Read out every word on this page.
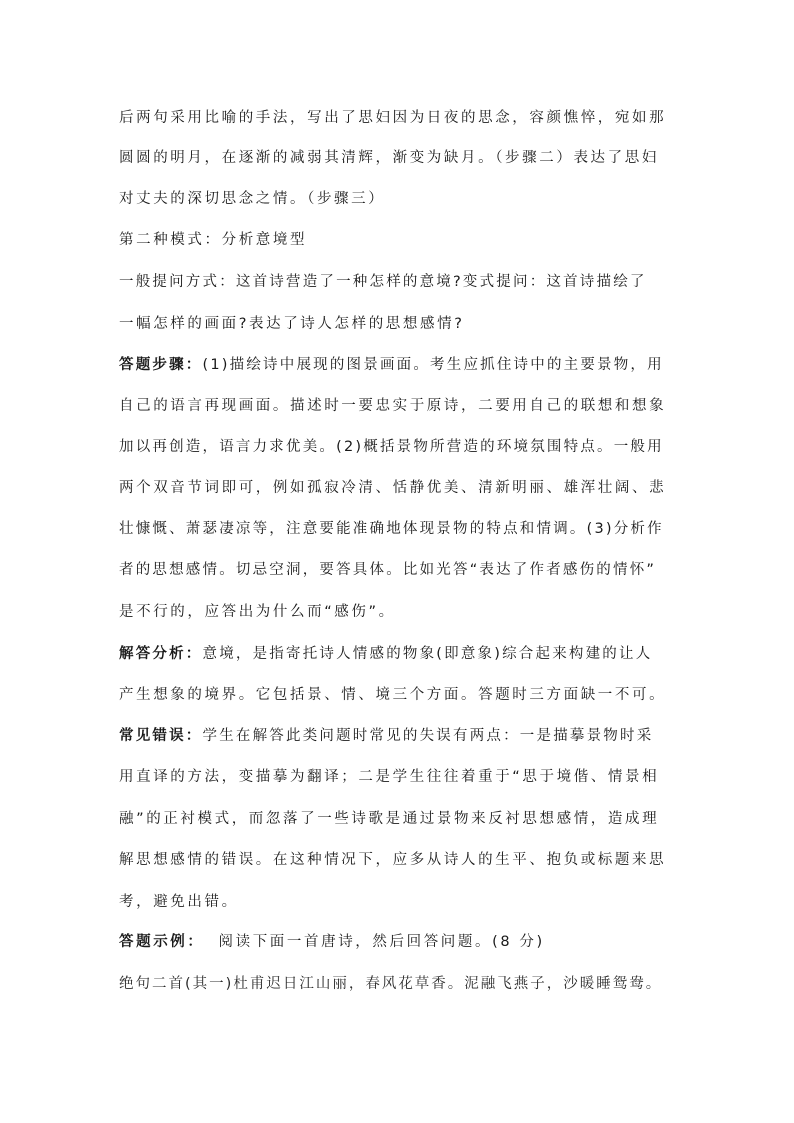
后两句采用比喻的手法，写出了思妇因为日夜的思念，容颜憔悴，宛如那
圆圆的明月，在逐渐的减弱其清辉，渐变为缺月。（步骤二）表达了思妇
对丈夫的深切思念之情。（步骤三）
第二种模式：分析意境型
一般提问方式：这首诗营造了一种怎样的意境?变式提问：这首诗描绘了
一幅怎样的画面?表达了诗人怎样的思想感情?
答题步骤：(1)描绘诗中展现的图景画面。考生应抓住诗中的主要景物，用
自己的语言再现画面。描述时一要忠实于原诗，二要用自己的联想和想象
加以再创造，语言力求优美。(2)概括景物所营造的环境氛围特点。一般用
两个双音节词即可，例如孤寂冷清、恬静优美、清新明丽、雄浑壮阔、悲
壮慷慨、萧瑟凄凉等，注意要能准确地体现景物的特点和情调。(3)分析作
者的思想感情。切忌空洞，要答具体。比如光答“表达了作者感伤的情怀”
是不行的，应答出为什么而“感伤”。
解答分析：意境，是指寄托诗人情感的物象(即意象)综合起来构建的让人
产生想象的境界。它包括景、情、境三个方面。答题时三方面缺一不可。
常见错误：学生在解答此类问题时常见的失误有两点：一是描摹景物时采
用直译的方法，变描摹为翻译；二是学生往往着重于“思于境偕、情景相
融”的正衬模式，而忽落了一些诗歌是通过景物来反衬思想感情，造成理
解思想感情的错误。在这种情况下，应多从诗人的生平、抱负或标题来思
考，避免出错。
答题示例： 阅读下面一首唐诗，然后回答问题。(8 分)
绝句二首(其一)杜甫迟日江山丽，春风花草香。泥融飞燕子，沙暖睡鸳鸯。
